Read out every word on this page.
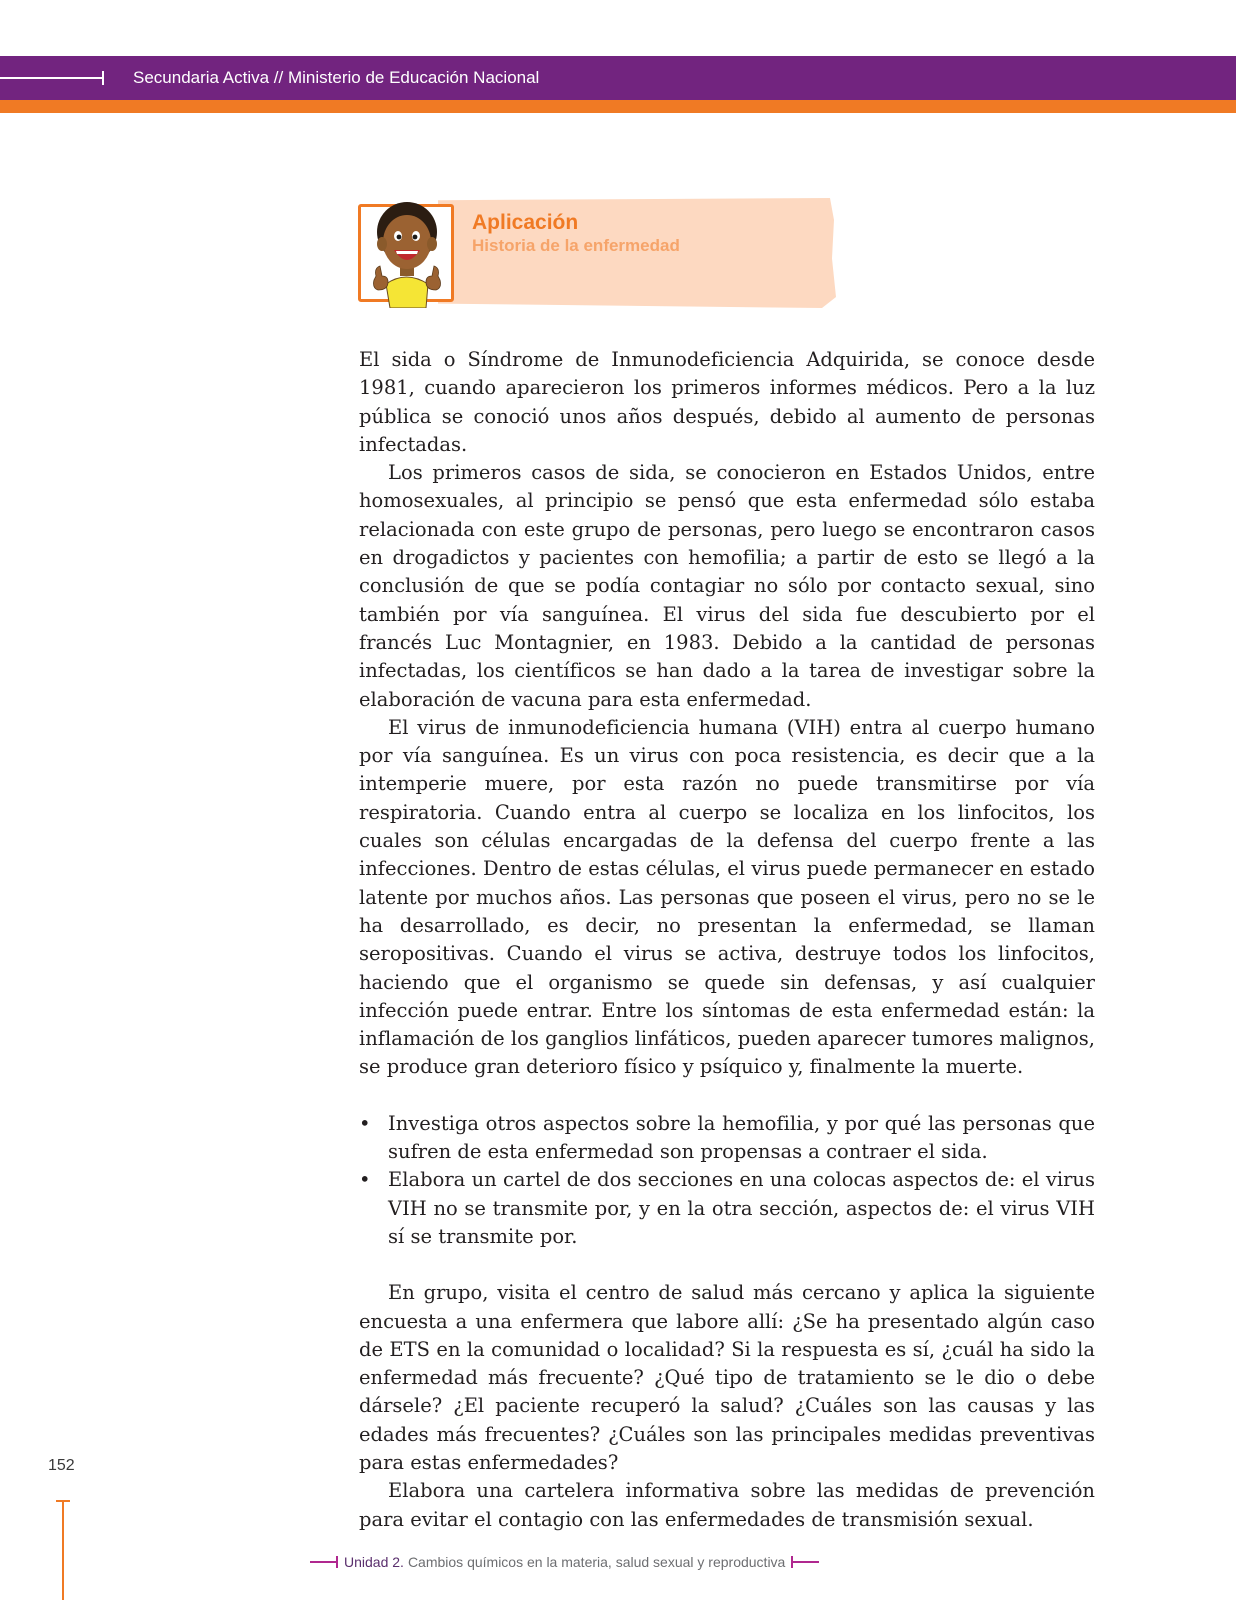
Secundaria Activa // Ministerio de Educación Nacional
Aplicación
Historia de la enfermedad

El sida o Síndrome de Inmunodeficiencia Adquirida, se conoce desde 1981, cuando aparecieron los primeros informes médicos. Pero a la luz pública se conoció unos años después, debido al aumento de personas infectadas.

Los primeros casos de sida, se conocieron en Estados Unidos, entre homosexuales, al principio se pensó que esta enfermedad sólo estaba relacionada con este grupo de personas, pero luego se encontraron casos en drogadictos y pacientes con hemofilia; a partir de esto se llegó a la conclusión de que se podía contagiar no sólo por contacto sexual, sino también por vía sanguínea. El virus del sida fue descubierto por el francés Luc Montagnier, en 1983. Debido a la cantidad de personas infectadas, los científicos se han dado a la tarea de investigar sobre la elaboración de vacuna para esta enfermedad.

El virus de inmunodeficiencia humana (VIH) entra al cuerpo humano por vía sanguínea. Es un virus con poca resistencia, es decir que a la intemperie muere, por esta razón no puede transmitirse por vía respiratoria. Cuando entra al cuerpo se localiza en los linfocitos, los cuales son células encargadas de la defensa del cuerpo frente a las infecciones. Dentro de estas células, el virus puede permanecer en estado latente por muchos años. Las personas que poseen el virus, pero no se le ha desarrollado, es decir, no presentan la enfermedad, se llaman seropositivas. Cuando el virus se activa, destruye todos los linfocitos, haciendo que el organismo se quede sin defensas, y así cualquier infección puede entrar. Entre los síntomas de esta enfermedad están: la inflamación de los ganglios linfáticos, pueden aparecer tumores malignos, se produce gran deterioro físico y psíquico y, finalmente la muerte.

• Investiga otros aspectos sobre la hemofilia, y por qué las personas que sufren de esta enfermedad son propensas a contraer el sida.
• Elabora un cartel de dos secciones en una colocas aspectos de: el virus VIH no se transmite por, y en la otra sección, aspectos de: el virus VIH sí se transmite por.

En grupo, visita el centro de salud más cercano y aplica la siguiente encuesta a una enfermera que labore allí: ¿Se ha presentado algún caso de ETS en la comunidad o localidad? Si la respuesta es sí, ¿cuál ha sido la enfermedad más frecuente? ¿Qué tipo de tratamiento se le dio o debe dársele? ¿El paciente recuperó la salud? ¿Cuáles son las causas y las edades más frecuentes? ¿Cuáles son las principales medidas preventivas para estas enfermedades?

Elabora una cartelera informativa sobre las medidas de prevención para evitar el contagio con las enfermedades de transmisión sexual.

152
Unidad 2. Cambios químicos en la materia, salud sexual y reproductiva
